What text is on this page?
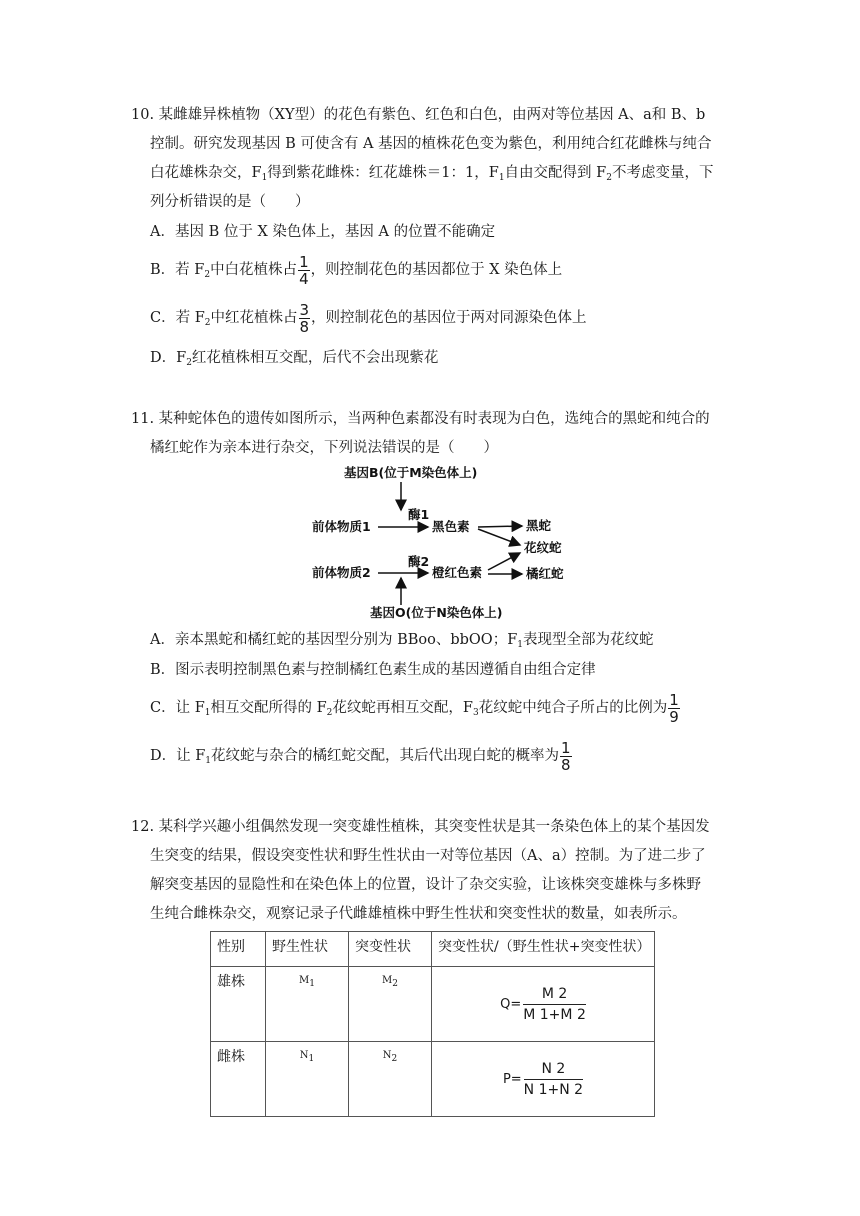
10. 某雌雄异株植物（XY型）的花色有紫色、红色和白色，由两对等位基因 A、a和 B、b
控制。研究发现基因 B 可使含有 A 基因的植株花色变为紫色，利用纯合红花雌株与纯合
白花雄株杂交，$F_1$得到紫花雌株：红花雄株＝1：1，$F_1$自由交配得到 $F_2$不考虑变量，下
列分析错误的是（　　）
A．基因 B 位于 X 染色体上，基因 A 的位置不能确定
B．若 $F_2$中白花植株占 $\frac{1}{4}$ ，则控制花色的基因都位于 X 染色体上
C．若 $F_2$中红花植株占 $\frac{3}{8}$ ，则控制花色的基因位于两对同源染色体上
D．$F_2$红花植株相互交配，后代不会出现紫花
11. 某种蛇体色的遗传如图所示，当两种色素都没有时表现为白色，选纯合的黑蛇和纯合的
橘红蛇作为亲本进行杂交，下列说法错误的是（　　）
基因B(位于M染色体上)
酶1
前体物质1	黑色素	黑蛇
花纹蛇
酶2
前体物质2	橙红色素	橘红蛇
基因O(位于N染色体上)
A．亲本黑蛇和橘红蛇的基因型分别为 BBoo、bbOO；$F_1$表现型全部为花纹蛇
B．图示表明控制黑色素与控制橘红色素生成的基因遵循自由组合定律
C．让 $F_1$相互交配所得的 $F_2$花纹蛇再相互交配，$F_3$花纹蛇中纯合子所占的比例为 $\frac{1}{9}$
D．让 $F_1$花纹蛇与杂合的橘红蛇交配，其后代出现白蛇的概率为 $\frac{1}{8}$
12. 某科学兴趣小组偶然发现一突变雄性植株，其突变性状是其一条染色体上的某个基因发
生突变的结果，假设突变性状和野生性状由一对等位基因（A、a）控制。为了进二步了
解突变基因的显隐性和在染色体上的位置，设计了杂交实验，让该株突变雄株与多株野
生纯合雌株杂交，观察记录子代雌雄植株中野生性状和突变性状的数量，如表所示。
性别	野生性状	突变性状	突变性状/（野生性状+突变性状）
雄株	$M_1$	$M_2$	$Q= \frac{M 2}{M 1+M 2}$

雌株	$N_1$	$N_2$	$P= \frac{N 2}{N 1+N 2}$
